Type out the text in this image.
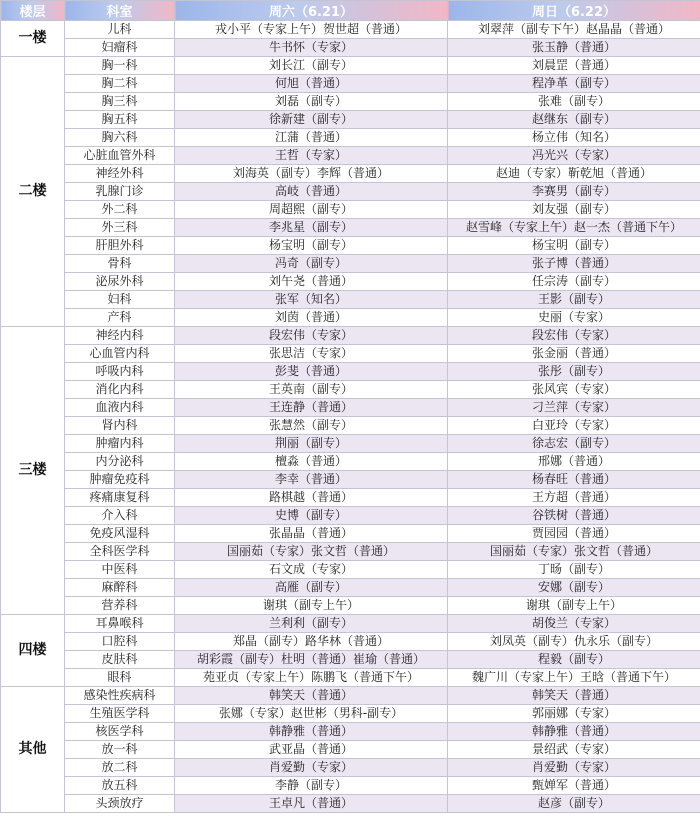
楼层	科室	周六（6.21）	周日（6.22）
一楼	儿科	戎小平（专家上午）贺世超（普通）	刘翠萍（副专下午）赵晶晶（普通）
	妇瘤科	牛书怀（专家）	张玉静（普通）
二楼	胸一科	刘长江（副专）	刘晨罡（普通）
	胸二科	何旭（普通）	程净革（副专）
	胸三科	刘磊（副专）	张难（副专）
	胸五科	徐新建（副专）	赵继东（副专）
	胸六科	江蒲（普通）	杨立伟（知名）
	心脏血管外科	王哲（专家）	冯光兴（专家）
	神经外科	刘海英（副专）李辉（普通）	赵迪（专家）靳乾旭（普通）
	乳腺门诊	高岐（普通）	李赛男（副专）
	外二科	周超熙（副专）	刘友强（副专）
	外三科	李兆星（副专）	赵雪峰（专家上午）赵一杰（普通下午）
	肝胆外科	杨宝明（副专）	杨宝明（副专）
	骨科	冯奇（副专）	张子博（普通）
	泌尿外科	刘午尧（普通）	任宗涛（副专）
	妇科	张军（知名）	王影（副专）
	产科	刘茵（普通）	史丽（专家）
三楼	神经内科	段宏伟（专家）	段宏伟（专家）
	心血管内科	张思洁（专家）	张金丽（普通）
	呼吸内科	彭斐（普通）	张彤（副专）
	消化内科	王英南（副专）	张风宾（专家）
	血液内科	王连静（普通）	刁兰萍（专家）
	肾内科	张慧然（副专）	白亚玲（专家）
	肿瘤内科	荆丽（副专）	徐志宏（副专）
	内分泌科	檀淼（普通）	邢娜（普通）
	肿瘤免疫科	李幸（普通）	杨春旺（普通）
	疼痛康复科	路棋越（普通）	王方超（普通）
	介入科	史博（副专）	谷铁树（普通）
	免疫风湿科	张晶晶（普通）	贾园园（普通）
	全科医学科	国丽茹（专家）张文哲（普通）	国丽茹（专家）张文哲（普通）
	中医科	石文成（专家）	丁旸（副专）
	麻醉科	高雁（副专）	安娜（副专）
	营养科	谢琪（副专上午）	谢琪（副专上午）
四楼	耳鼻喉科	兰利利（副专）	胡俊兰（专家）
	口腔科	郑晶（副专）路华林（普通）	刘凤英（副专）仇永乐（副专）
	皮肤科	胡彩霞（副专）杜明（普通）崔瑜（普通）	程毅（副专）
	眼科	苑亚贞（专家上午）陈鹏飞（普通下午）	魏广川（专家上午）王晗（普通下午）
其他	感染性疾病科	韩笑天（普通）	韩笑天（普通）
	生殖医学科	张娜（专家）赵世彬（男科-副专）	郭丽娜（专家）
	核医学科	韩静雅（普通）	韩静雅（普通）
	放一科	武亚晶（普通）	景绍武（专家）
	放二科	肖爱勤（专家）	肖爱勤（专家）
	放五科	李静（副专）	甄婵军（普通）
	头颈放疗	王卓凡（普通）	赵彦（副专）
